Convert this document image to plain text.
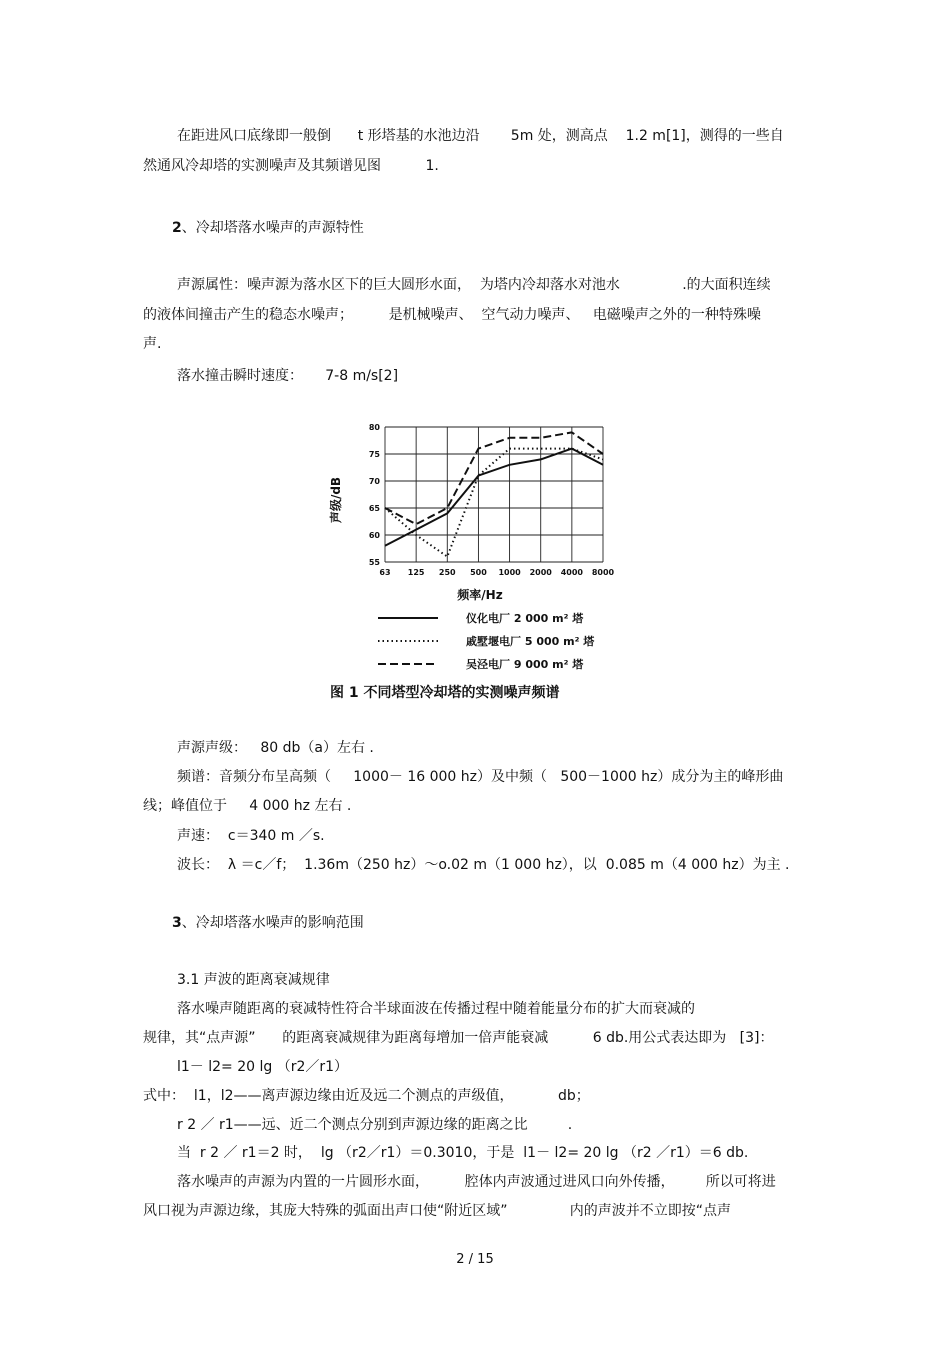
在距进风口底缘即一般倒      t 形塔基的水池边沿       5m 处，测高点    1.2 m[1]，测得的一些自
然通风冷却塔的实测噪声及其频谱见图          1.
2、冷却塔落水噪声的声源特性
声源属性：噪声源为落水区下的巨大圆形水面，  为塔内冷却落水对池水              .的大面积连续
的液体间撞击产生的稳态水噪声；        是机械噪声、  空气动力噪声、   电磁噪声之外的一种特殊噪
声.
落水撞击瞬时速度：     7-8 m/s[2]
55
60
65
70
75
80
63 125 250 500 1000 2000 4000 8000
声级/dB
频率/Hz
仪化电厂 2 000 m² 塔
戚墅堰电厂 5 000 m² 塔
吴泾电厂 9 000 m² 塔
图 1 不同塔型冷却塔的实测噪声频谱
声源声级：   80 db（a）左右 .
频谱：音频分布呈高频（     1000－ 16 000 hz）及中频（   500－1000 hz）成分为主的峰形曲
线；峰值位于     4 000 hz 左右 .
声速：  c＝340 m ／s.
波长：  λ ＝c／f；  1.36m（250 hz）～o.02 m（1 000 hz），以  0.085 m（4 000 hz）为主 .
3、冷却塔落水噪声的影响范围
3.1 声波的距离衰减规律
落水噪声随距离的衰减特性符合半球面波在传播过程中随着能量分布的扩大而衰减的
规律，其“点声源”      的距离衰减规律为距离每增加一倍声能衰减          6 db.用公式表达即为   [3]：
l1－ l2= 20 lg （r2／r1）
式中：  l1，l2——离声源边缘由近及远二个测点的声级值，          db；
r 2 ／ r1——远、近二个测点分别到声源边缘的距离之比         .
当  r 2 ／ r1＝2 时，  lg （r2／r1）＝0.3010，于是  l1－ l2= 20 lg （r2 ／r1）＝6 db.
落水噪声的声源为内置的一片圆形水面，        腔体内声波通过进风口向外传播，       所以可将进
风口视为声源边缘，其庞大特殊的弧面出声口使“附近区域”              内的声波并不立即按“点声
2 / 15
